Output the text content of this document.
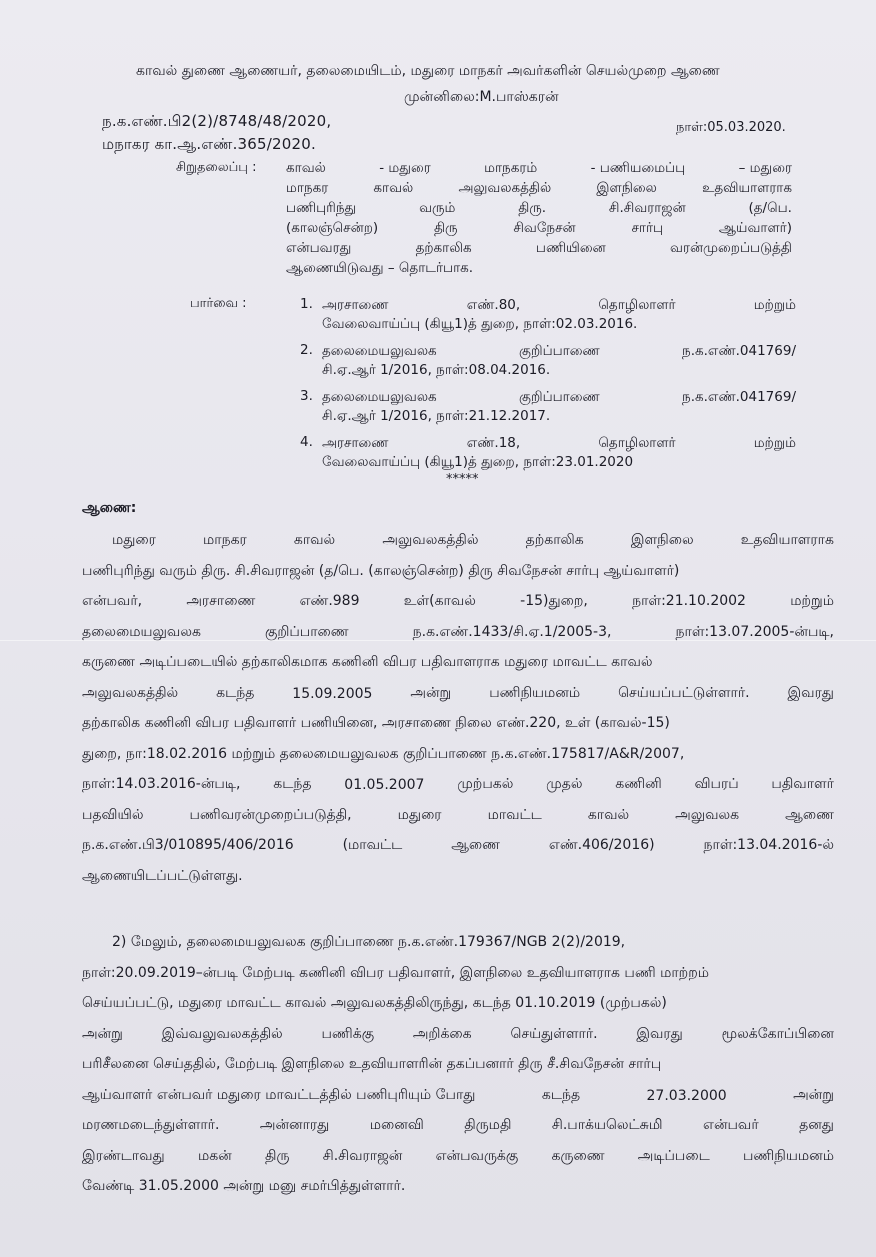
காவல் துணை ஆணையர், தலைமையிடம், மதுரை மாநகர் அவர்களின் செயல்முறை ஆணை
முன்னிலை:M.பாஸ்கரன்
ந.க.எண்.பி2(2)/8748/48/2020,
மநாகர கா.ஆ.எண்.365/2020.
நாள்:05.03.2020.
சிறுதலைப்பு : காவல்	- மதுரை	மாநகரம்	- பணியமைப்பு	– மதுரை
மாநகர	காவல்	அலுவலகத்தில்	இளநிலை	உதவியாளராக
பணிபுரிந்து	வரும்	திரு.	சி.சிவராஜன்	(த/பெ.
(காலஞ்சென்ற)	திரு	சிவநேசன்	சார்பு	ஆய்வாளர்)
என்பவரது	தற்காலிக	பணியினை	வரன்முறைப்படுத்தி
ஆணையிடுவது – தொடர்பாக.
பார்வை :	1. அரசாணை	எண்.80,	தொழிலாளர்	மற்றும்
வேலைவாய்ப்பு (கியூ1)த் துறை, நாள்:02.03.2016.
2. தலைமையலுவலக	குறிப்பாணை	ந.க.எண்.041769/
சி.ஏ.ஆர் 1/2016, நாள்:08.04.2016.
3. தலைமையலுவலக	குறிப்பாணை	ந.க.எண்.041769/
சி.ஏ.ஆர் 1/2016, நாள்:21.12.2017.
4. அரசாணை	எண்.18,	தொழிலாளர்	மற்றும்
வேலைவாய்ப்பு (கியூ1)த் துறை, நாள்:23.01.2020
*****
ஆணை:
மதுரை	மாநகர	காவல்	அலுவலகத்தில்	தற்காலிக	இளநிலை	உதவியாளராக
பணிபுரிந்து வரும் திரு. சி.சிவராஜன் (த/பெ. (காலஞ்சென்ற) திரு சிவநேசன் சார்பு ஆய்வாளர்)
என்பவர்,	அரசாணை	எண்.989	உள்(காவல்	-15)துறை,	நாள்:21.10.2002	மற்றும்
தலைமையலுவலக	குறிப்பாணை	ந.க.எண்.1433/சி.ஏ.1/2005-3,	நாள்:13.07.2005-ன்படி,
கருணை அடிப்படையில் தற்காலிகமாக கணினி விபர பதிவாளராக மதுரை மாவட்ட காவல்
அலுவலகத்தில்	கடந்த	15.09.2005	அன்று	பணிநியமனம்	செய்யப்பட்டுள்ளார்.	இவரது
தற்காலிக கணினி விபர பதிவாளர் பணியினை, அரசாணை நிலை எண்.220, உள் (காவல்-15)
துறை, நா:18.02.2016 மற்றும் தலைமையலுவலக குறிப்பாணை ந.க.எண்.175817/A&R/2007,
நாள்:14.03.2016-ன்படி, கடந்த 01.05.2007 முற்பகல் முதல் கணினி விபரப் பதிவாளர்
பதவியில்	பணிவரன்முறைப்படுத்தி,	மதுரை	மாவட்ட	காவல்	அலுவலக	ஆணை
ந.க.எண்.பி3/010895/406/2016	(மாவட்ட	ஆணை	எண்.406/2016)	நாள்:13.04.2016-ல்
ஆணையிடப்பட்டுள்ளது.
2) மேலும், தலைமையலுவலக குறிப்பாணை ந.க.எண்.179367/NGB 2(2)/2019,
நாள்:20.09.2019–ன்படி மேற்படி கணினி விபர பதிவாளர், இளநிலை உதவியாளராக பணி மாற்றம்
செய்யப்பட்டு, மதுரை மாவட்ட காவல் அலுவலகத்திலிருந்து, கடந்த 01.10.2019 (முற்பகல்)
அன்று	இவ்வலுவலகத்தில்	பணிக்கு	அறிக்கை	செய்துள்ளார்.	இவரது	மூலக்கோப்பினை
பரிசீலனை செய்ததில், மேற்படி இளநிலை உதவியாளரின் தகப்பனார் திரு சீ.சிவநேசன் சார்பு
ஆய்வாளர் என்பவர் மதுரை மாவட்டத்தில் பணிபுரியும் போது	கடந்த	27.03.2000	அன்று
மரணமடைந்துள்ளார்.	அன்னாரது	மனைவி	திருமதி	சி.பாக்யலெட்சுமி	என்பவர்	தனது
இரண்டாவது மகன் திரு சி.சிவராஜன் என்பவருக்கு கருணை அடிப்படை பணிநியமனம்
வேண்டி 31.05.2000 அன்று மனு சமர்பித்துள்ளார்.
